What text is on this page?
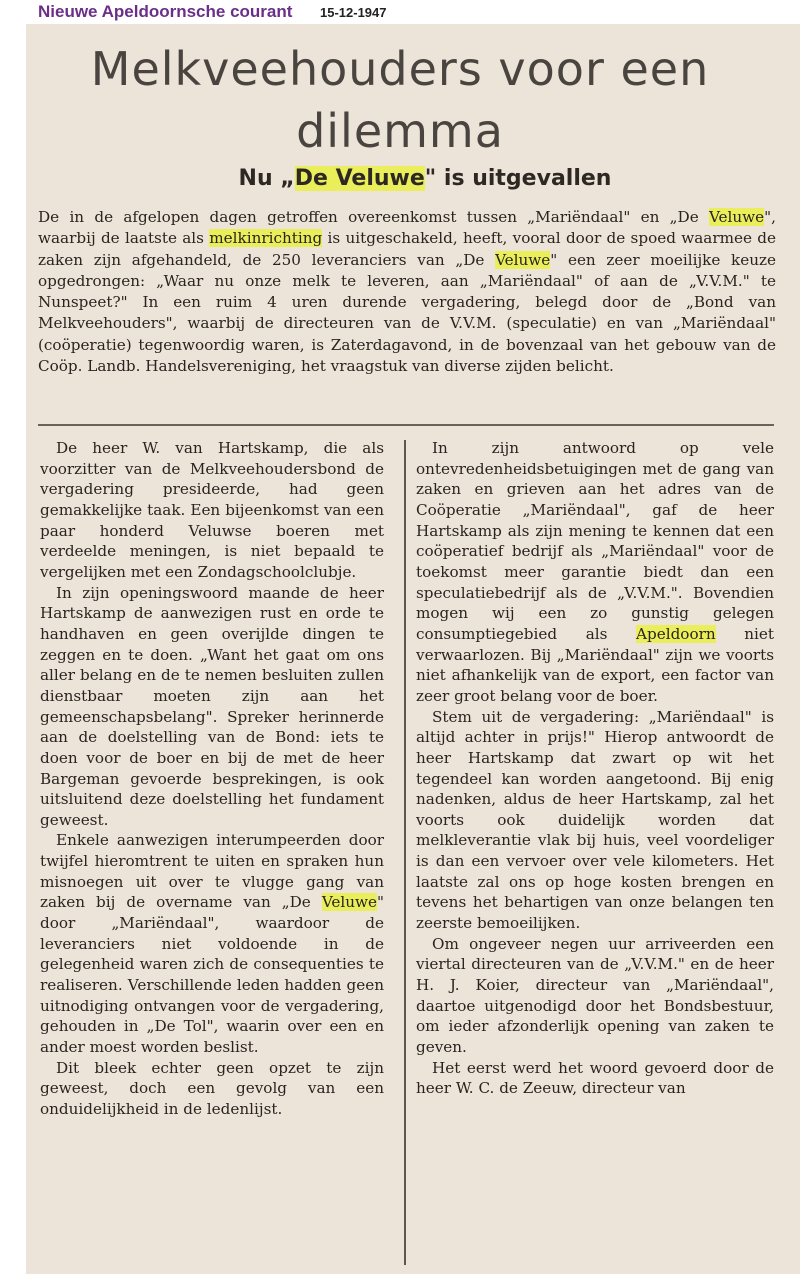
Nieuwe Apeldoornsche courant 15-12-1947
Melkveehouders voor een
dilemma
Nu „De Veluwe" is uitgevallen
De in de afgelopen dagen getroffen overeenkomst tussen „Mariëndaal" en „De Veluwe", waarbij de laatste als melkinrichting is uitgeschakeld, heeft, vooral door de spoed waarmee de zaken zijn afgehandeld, de 250 leveranciers van „De Veluwe" een zeer moeilijke keuze opgedrongen: „Waar nu onze melk te leveren, aan „Mariëndaal" of aan de „V.V.M." te Nunspeet?" In een ruim 4 uren durende vergadering, belegd door de „Bond van Melkveehouders", waarbij de directeuren van de V.V.M. (speculatie) en van „Mariëndaal" (coöperatie) tegenwoordig waren, is Zaterdagavond, in de bovenzaal van het gebouw van de Coöp. Landb. Handelsvereniging, het vraagstuk van diverse zijden belicht.

De heer W. van Hartskamp, die als voorzitter van de Melkveehoudersbond de vergadering presideerde, had geen gemakkelijke taak. Een bijeenkomst van een paar honderd Veluwse boeren met verdeelde meningen, is niet bepaald te vergelijken met een Zondagschoolclubje.

In zijn openingswoord maande de heer Hartskamp de aanwezigen rust en orde te handhaven en geen overijlde dingen te zeggen en te doen. „Want het gaat om ons aller belang en de te nemen besluiten zullen dienstbaar moeten zijn aan het gemeenschapsbelang". Spreker herinnerde aan de doelstelling van de Bond: iets te doen voor de boer en bij de met de heer Bargeman gevoerde besprekingen, is ook uitsluitend deze doelstelling het fundament geweest.

Enkele aanwezigen interumpeerden door twijfel hieromtrent te uiten en spraken hun misnoegen uit over te vlugge gang van zaken bij de overname van „De Veluwe" door „Mariëndaal", waardoor de leveranciers niet voldoende in de gelegenheid waren zich de consequenties te realiseren. Verschillende leden hadden geen uitnodiging ontvangen voor de vergadering, gehouden in „De Tol", waarin over een en ander moest worden beslist.

Dit bleek echter geen opzet te zijn geweest, doch een gevolg van een onduidelijkheid in de ledenlijst.

In zijn antwoord op vele ontevredenheidsbetuigingen met de gang van zaken en grieven aan het adres van de Coöperatie „Mariëndaal", gaf de heer Hartskamp als zijn mening te kennen dat een coöperatief bedrijf als „Mariëndaal" voor de toekomst meer garantie biedt dan een speculatiebedrijf als de „V.V.M.". Bovendien mogen wij een zo gunstig gelegen consumptiegebied als Apeldoorn niet verwaarlozen. Bij „Mariëndaal" zijn we voorts niet afhankelijk van de export, een factor van zeer groot belang voor de boer.

Stem uit de vergadering: „Mariëndaal" is altijd achter in prijs!" Hierop antwoordt de heer Hartskamp dat zwart op wit het tegendeel kan worden aangetoond. Bij enig nadenken, aldus de heer Hartskamp, zal het voorts ook duidelijk worden dat melkleverantie vlak bij huis, veel voordeliger is dan een vervoer over vele kilometers. Het laatste zal ons op hoge kosten brengen en tevens het behartigen van onze belangen ten zeerste bemoeilijken.

Om ongeveer negen uur arriveerden een viertal directeuren van de „V.V.M." en de heer H. J. Koier, directeur van „Mariëndaal", daartoe uitgenodigd door het Bondsbestuur, om ieder afzonderlijk opening van zaken te geven.

Het eerst werd het woord gevoerd door de heer W. C. de Zeeuw, directeur van
